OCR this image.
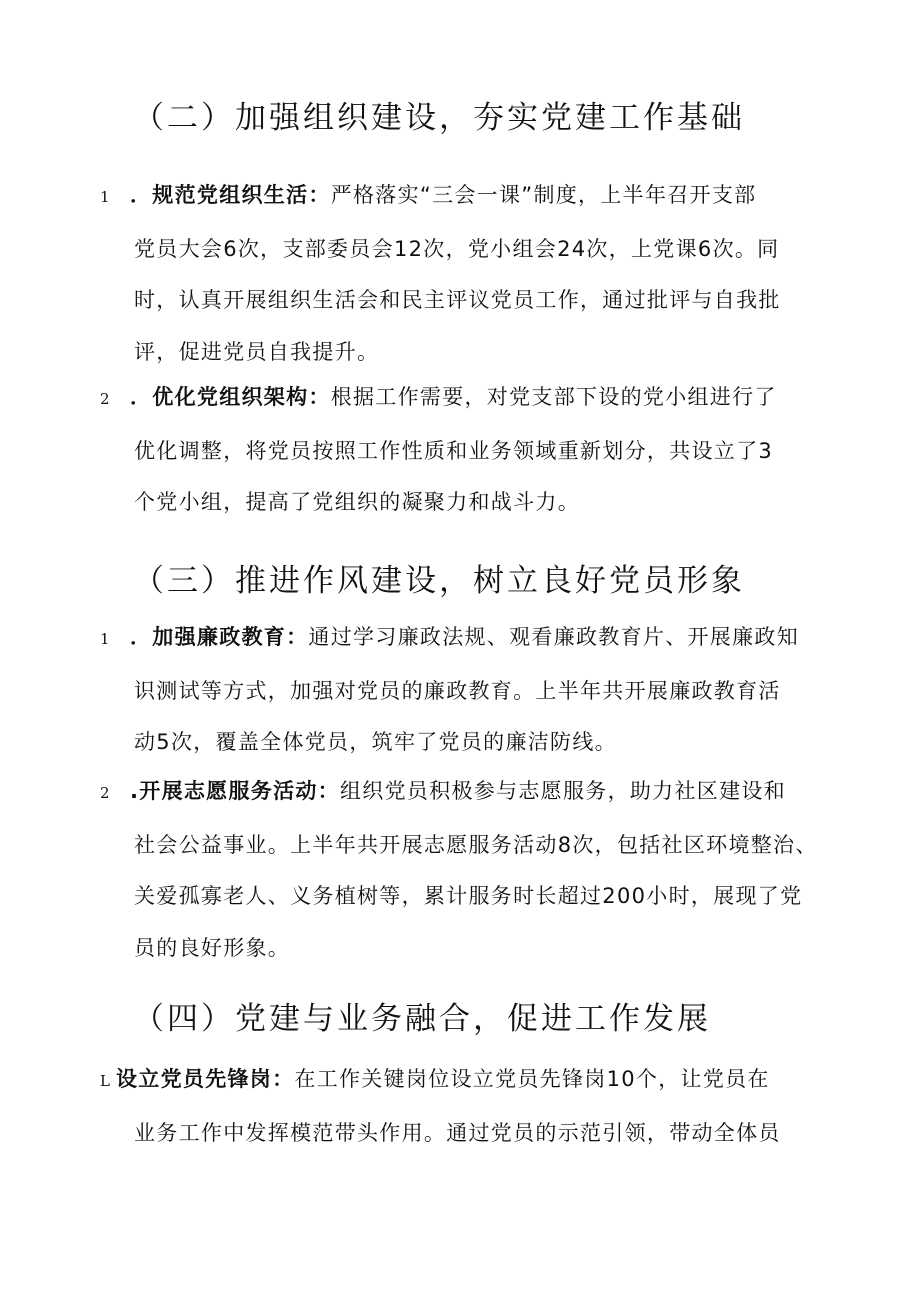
（二）加强组织建设，夯实党建工作基础
1 ．规范党组织生活：严格落实“三会一课”制度，上半年召开支部
党员大会6次，支部委员会12次，党小组会24次，上党课6次。同
时，认真开展组织生活会和民主评议党员工作，通过批评与自我批
评，促进党员自我提升。
2 ．优化党组织架构：根据工作需要，对党支部下设的党小组进行了
优化调整，将党员按照工作性质和业务领域重新划分，共设立了3
个党小组，提高了党组织的凝聚力和战斗力。
（三）推进作风建设，树立良好党员形象
1 ．加强廉政教育：通过学习廉政法规、观看廉政教育片、开展廉政知
识测试等方式，加强对党员的廉政教育。上半年共开展廉政教育活
动5次，覆盖全体党员，筑牢了党员的廉洁防线。
2 .开展志愿服务活动：组织党员积极参与志愿服务，助力社区建设和
社会公益事业。上半年共开展志愿服务活动8次，包括社区环境整治、
关爱孤寡老人、义务植树等，累计服务时长超过200小时，展现了党
员的良好形象。
（四）党建与业务融合，促进工作发展
L 设立党员先锋岗：在工作关键岗位设立党员先锋岗10个，让党员在
业务工作中发挥模范带头作用。通过党员的示范引领，带动全体员
